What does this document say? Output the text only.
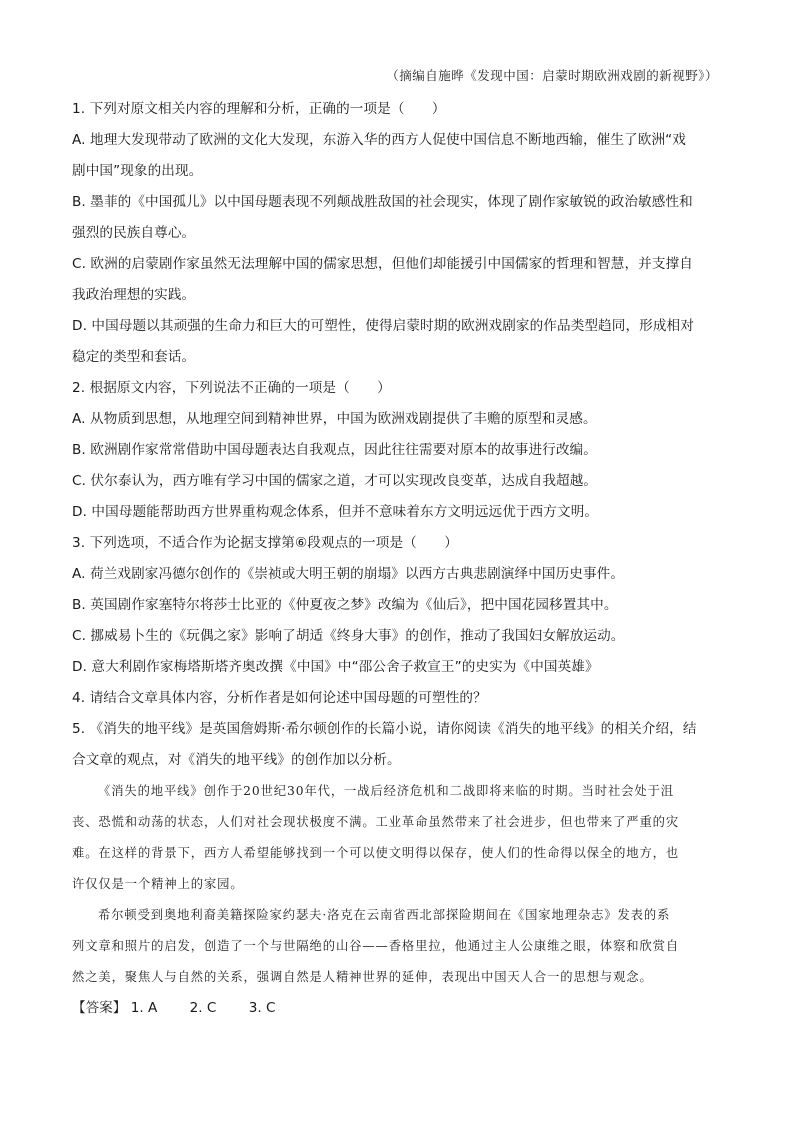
（摘编自施晔《发现中国：启蒙时期欧洲戏剧的新视野》）
1. 下列对原文相关内容的理解和分析，正确的一项是（　　）
A. 地理大发现带动了欧洲的文化大发现，东游入华的西方人促使中国信息不断地西输，催生了欧洲“戏
剧中国”现象的出现。
B. 墨菲的《中国孤儿》以中国母题表现不列颠战胜敌国的社会现实，体现了剧作家敏锐的政治敏感性和
强烈的民族自尊心。
C. 欧洲的启蒙剧作家虽然无法理解中国的儒家思想，但他们却能援引中国儒家的哲理和智慧，并支撑自
我政治理想的实践。
D. 中国母题以其顽强的生命力和巨大的可塑性，使得启蒙时期的欧洲戏剧家的作品类型趋同，形成相对
稳定的类型和套话。
2. 根据原文内容，下列说法不正确的一项是（　　）
A. 从物质到思想，从地理空间到精神世界，中国为欧洲戏剧提供了丰赡的原型和灵感。
B. 欧洲剧作家常常借助中国母题表达自我观点，因此往往需要对原本的故事进行改编。
C. 伏尔泰认为，西方唯有学习中国的儒家之道，才可以实现改良变革，达成自我超越。
D. 中国母题能帮助西方世界重构观念体系，但并不意味着东方文明远远优于西方文明。
3. 下列选项，不适合作为论据支撑第⑥段观点的一项是（　　）
A. 荷兰戏剧家冯德尔创作的《崇祯或大明王朝的崩塌》以西方古典悲剧演绎中国历史事件。
B. 英国剧作家塞特尔将莎士比亚的《仲夏夜之梦》改编为《仙后》，把中国花园移置其中。
C. 挪威易卜生的《玩偶之家》影响了胡适《终身大事》的创作，推动了我国妇女解放运动。
D. 意大利剧作家梅塔斯塔齐奥改撰《中国》中“邵公舍子救宣王”的史实为《中国英雄》
4. 请结合文章具体内容，分析作者是如何论述中国母题的可塑性的？
5. 《消失的地平线》是英国詹姆斯·希尔顿创作的长篇小说，请你阅读《消失的地平线》的相关介绍，结
合文章的观点，对《消失的地平线》的创作加以分析。
《消失的地平线》创作于20世纪30年代，一战后经济危机和二战即将来临的时期。当时社会处于沮
丧、恐慌和动荡的状态，人们对社会现状极度不满。工业革命虽然带来了社会进步，但也带来了严重的灾
难。在这样的背景下，西方人希望能够找到一个可以使文明得以保存，使人们的性命得以保全的地方，也
许仅仅是一个精神上的家园。
希尔顿受到奥地利裔美籍探险家约瑟夫·洛克在云南省西北部探险期间在《国家地理杂志》发表的系
列文章和照片的启发，创造了一个与世隔绝的山谷——香格里拉，他通过主人公康维之眼，体察和欣赏自
然之美，聚焦人与自然的关系，强调自然是人精神世界的延伸，表现出中国天人合一的思想与观念。
【答案】 1. A 2. C 3. C
